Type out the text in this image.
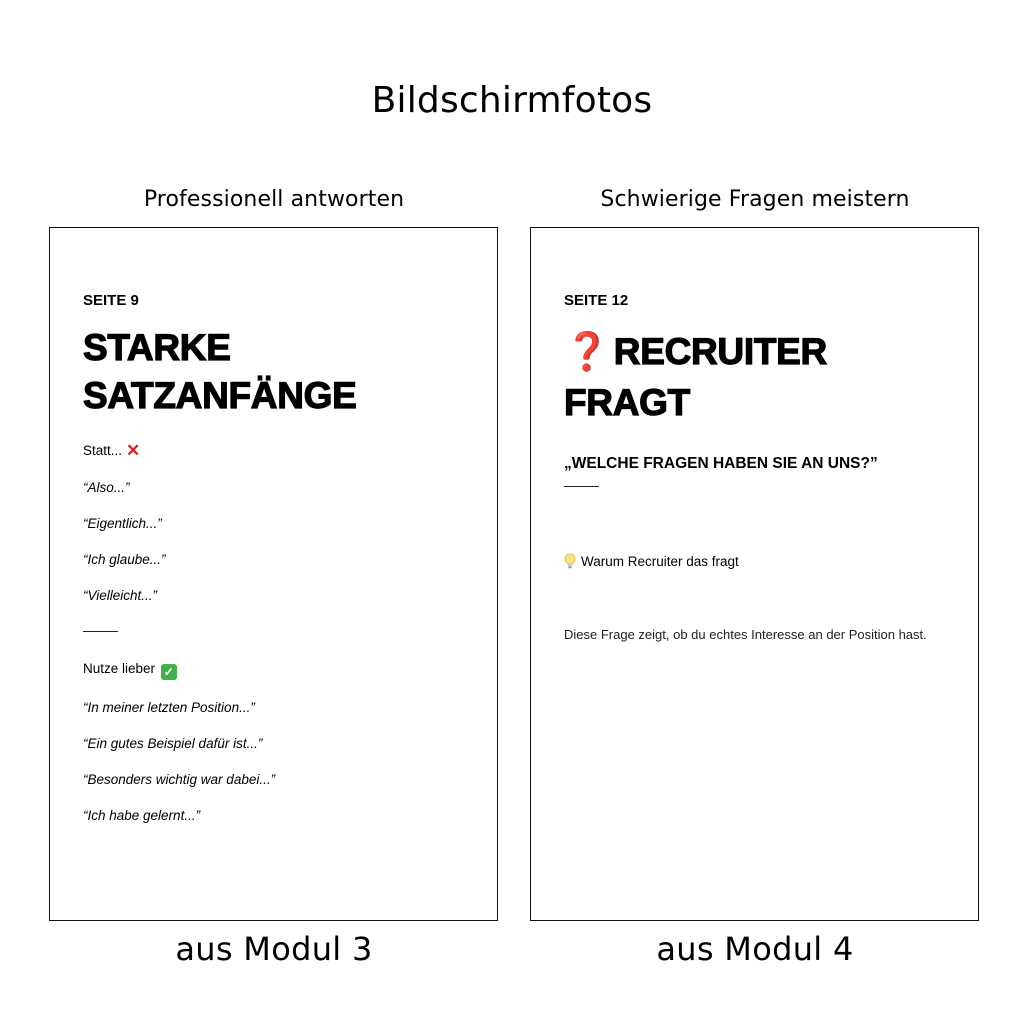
Bildschirmfotos
Professionell antworten
SEITE 9
STARKE
SATZANFÄNGE
Statt... ✕
“Also...”
“Eigentlich...”
“Ich glaube...”
“Vielleicht...”
Nutze lieber ✓
“In meiner letzten Position...”
“Ein gutes Beispiel dafür ist...”
“Besonders wichtig war dabei...”
“Ich habe gelernt...”
aus Modul 3
Schwierige Fragen meistern
SEITE 12
❓ RECRUITER
FRAGT
„WELCHE FRAGEN HABEN SIE AN UNS?”
Warum Recruiter das fragt
Diese Frage zeigt, ob du echtes Interesse an der Position hast.
aus Modul 4
